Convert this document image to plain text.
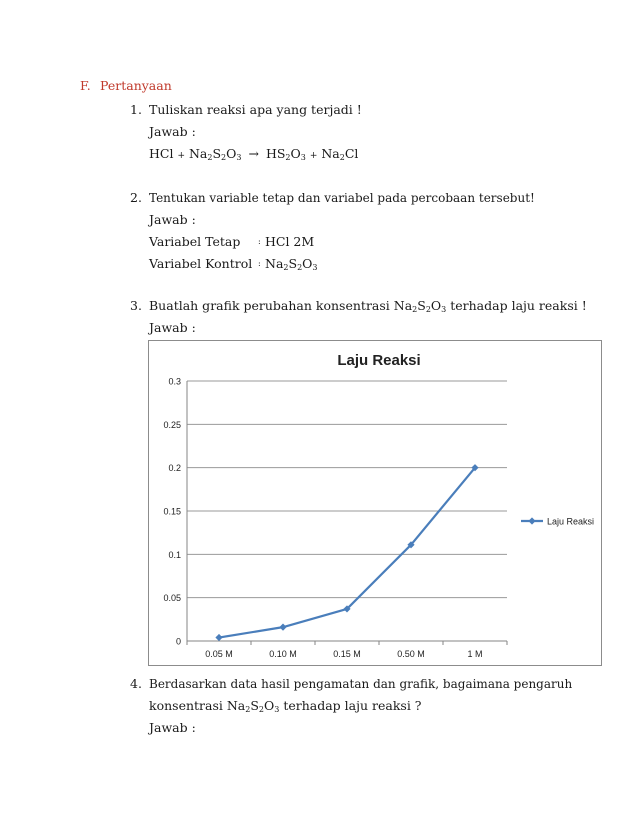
F. Pertanyaan
1. Tuliskan reaksi apa yang terjadi !
Jawab :
HCl + $Na_2S_2O_3 \to HS_2O_3 + Na_2Cl$
2. Tentukan variable tetap dan variabel pada percobaan tersebut!
Jawab :
Variabel Tetap : HCl 2M
Variabel Kontrol : $Na_2S_2O_3$
3. Buatlah grafik perubahan konsentrasi $Na_2S_2O_3$ terhadap laju reaksi !
Jawab :
Laju Reaksi
0
0.05
0.1
0.15
0.2
0.25
0.3
0.05 M	0.10 M	0.15 M	0.50 M	1 M
Laju Reaksi
4. Berdasarkan data hasil pengamatan dan grafik, bagaimana pengaruh
konsentrasi $Na_2S_2O_3$ terhadap laju reaksi ?
Jawab :
